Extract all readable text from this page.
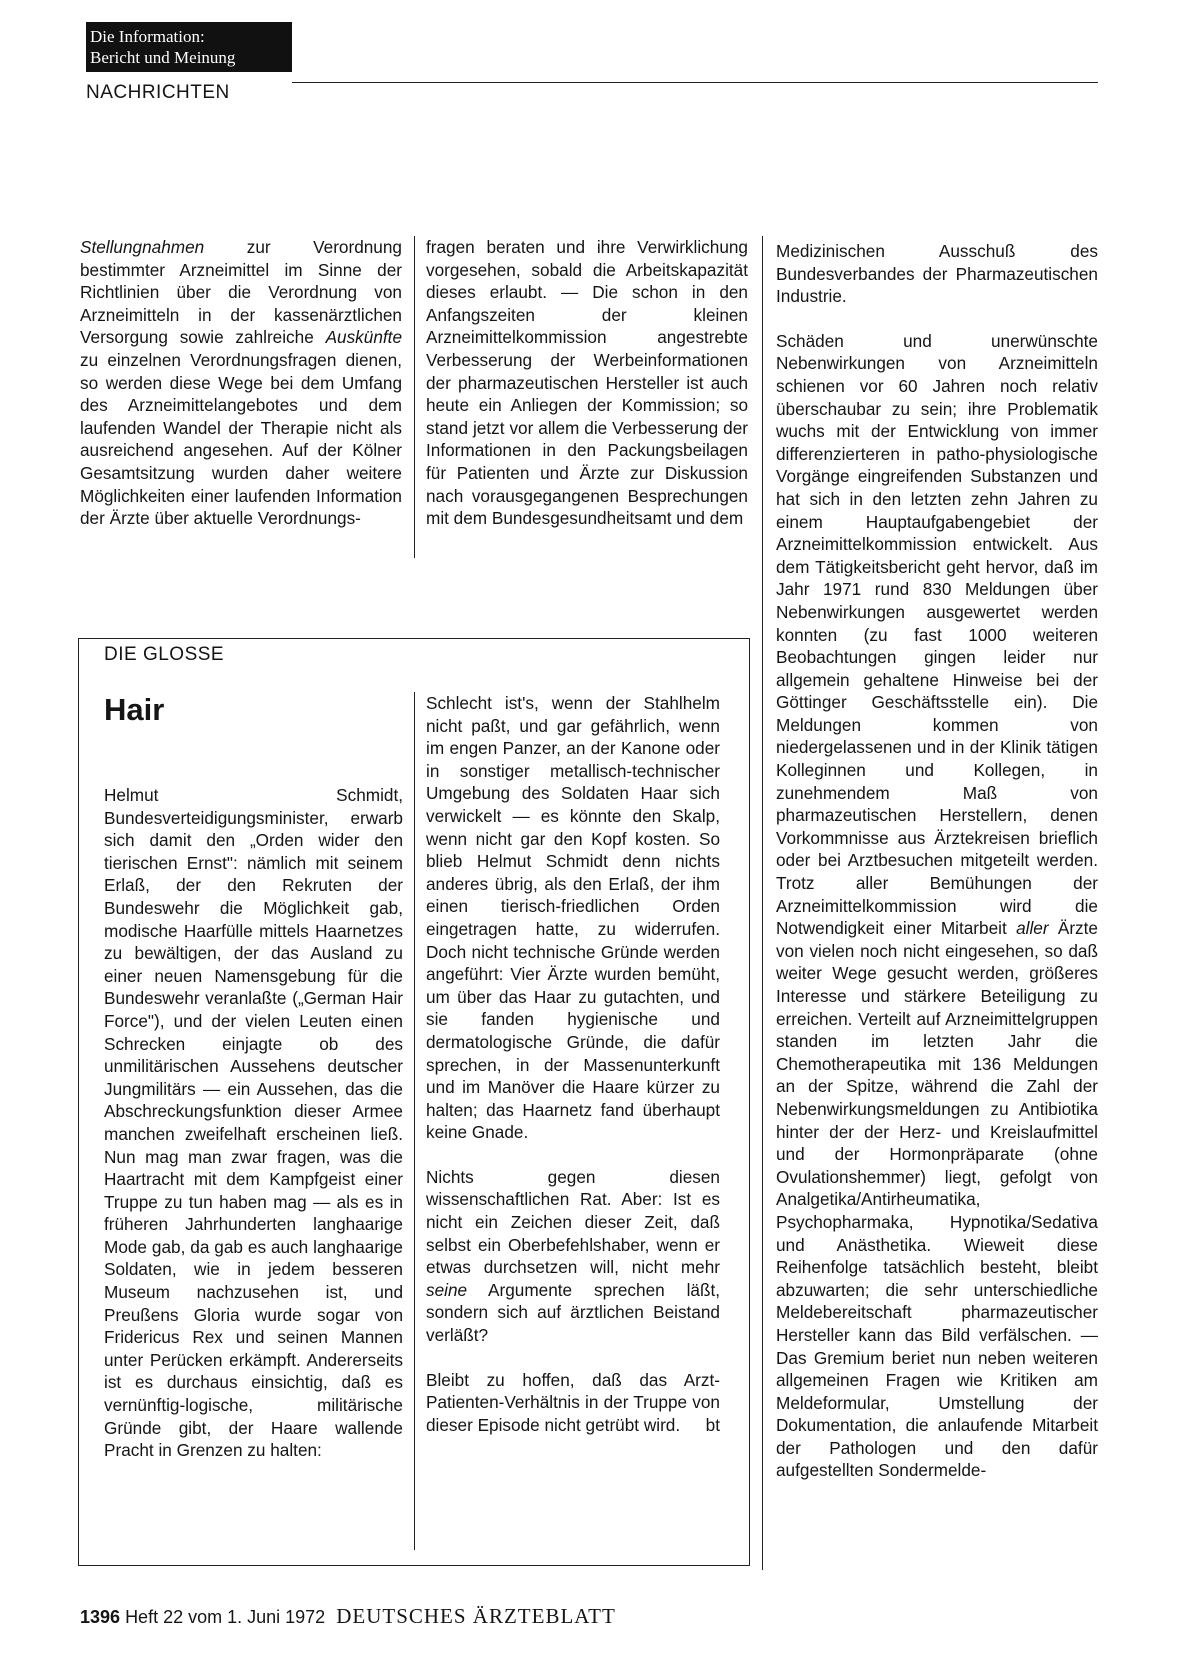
Die Information:
Bericht und Meinung
NACHRICHTEN

Stellungnahmen zur Verordnung bestimmter Arzneimittel im Sinne der Richtlinien über die Verordnung von Arzneimitteln in der kassenärztlichen Versorgung sowie zahlreiche Auskünfte zu einzelnen Verordnungsfragen dienen, so werden diese Wege bei dem Umfang des Arzneimittelangebotes und dem laufenden Wandel der Therapie nicht als ausreichend angesehen. Auf der Kölner Gesamtsitzung wurden daher weitere Möglichkeiten einer laufenden Information der Ärzte über aktuelle Verordnungs-

fragen beraten und ihre Verwirklichung vorgesehen, sobald die Arbeitskapazität dieses erlaubt. — Die schon in den Anfangszeiten der kleinen Arzneimittelkommission angestrebte Verbesserung der Werbeinformationen der pharmazeutischen Hersteller ist auch heute ein Anliegen der Kommission; so stand jetzt vor allem die Verbesserung der Informationen in den Packungsbeilagen für Patienten und Ärzte zur Diskussion nach vorausgegangenen Besprechungen mit dem Bundesgesundheitsamt und dem

Medizinischen Ausschuß des Bundesverbandes der Pharmazeutischen Industrie.

Schäden und unerwünschte Nebenwirkungen von Arzneimitteln schienen vor 60 Jahren noch relativ überschaubar zu sein; ihre Problematik wuchs mit der Entwicklung von immer differenzierteren in patho-physiologische Vorgänge eingreifenden Substanzen und hat sich in den letzten zehn Jahren zu einem Hauptaufgabengebiet der Arzneimittelkommission entwickelt. Aus dem Tätigkeitsbericht geht hervor, daß im Jahr 1971 rund 830 Meldungen über Nebenwirkungen ausgewertet werden konnten (zu fast 1000 weiteren Beobachtungen gingen leider nur allgemein gehaltene Hinweise bei der Göttinger Geschäftsstelle ein). Die Meldungen kommen von niedergelassenen und in der Klinik tätigen Kolleginnen und Kollegen, in zunehmendem Maß von pharmazeutischen Herstellern, denen Vorkommnisse aus Ärztekreisen brieflich oder bei Arztbesuchen mitgeteilt werden. Trotz aller Bemühungen der Arzneimittelkommission wird die Notwendigkeit einer Mitarbeit aller Ärzte von vielen noch nicht eingesehen, so daß weiter Wege gesucht werden, größeres Interesse und stärkere Beteiligung zu erreichen. Verteilt auf Arzneimittelgruppen standen im letzten Jahr die Chemotherapeutika mit 136 Meldungen an der Spitze, während die Zahl der Nebenwirkungsmeldungen zu Antibiotika hinter der der Herz- und Kreislaufmittel und der Hormonpräparate (ohne Ovulationshemmer) liegt, gefolgt von Analgetika/Antirheumatika, Psychopharmaka, Hypnotika/Sedativa und Anästhetika. Wieweit diese Reihenfolge tatsächlich besteht, bleibt abzuwarten; die sehr unterschiedliche Meldebereitschaft pharmazeutischer Hersteller kann das Bild verfälschen. — Das Gremium beriet nun neben weiteren allgemeinen Fragen wie Kritiken am Meldeformular, Umstellung der Dokumentation, die anlaufende Mitarbeit der Pathologen und den dafür aufgestellten Sondermelde-

DIE GLOSSE
Hair

Helmut Schmidt, Bundesverteidigungsminister, erwarb sich damit den „Orden wider den tierischen Ernst": nämlich mit seinem Erlaß, der den Rekruten der Bundeswehr die Möglichkeit gab, modische Haarfülle mittels Haarnetzes zu bewältigen, der das Ausland zu einer neuen Namensgebung für die Bundeswehr veranlaßte („German Hair Force"), und der vielen Leuten einen Schrecken einjagte ob des unmilitärischen Aussehens deutscher Jungmilitärs — ein Aussehen, das die Abschreckungsfunktion dieser Armee manchen zweifelhaft erscheinen ließ. Nun mag man zwar fragen, was die Haartracht mit dem Kampfgeist einer Truppe zu tun haben mag — als es in früheren Jahrhunderten langhaarige Mode gab, da gab es auch langhaarige Soldaten, wie in jedem besseren Museum nachzusehen ist, und Preußens Gloria wurde sogar von Fridericus Rex und seinen Mannen unter Perücken erkämpft. Andererseits ist es durchaus einsichtig, daß es vernünftig-logische, militärische Gründe gibt, der Haare wallende Pracht in Grenzen zu halten:

Schlecht ist's, wenn der Stahlhelm nicht paßt, und gar gefährlich, wenn im engen Panzer, an der Kanone oder in sonstiger metallisch-technischer Umgebung des Soldaten Haar sich verwickelt — es könnte den Skalp, wenn nicht gar den Kopf kosten. So blieb Helmut Schmidt denn nichts anderes übrig, als den Erlaß, der ihm einen tierisch-friedlichen Orden eingetragen hatte, zu widerrufen. Doch nicht technische Gründe werden angeführt: Vier Ärzte wurden bemüht, um über das Haar zu gutachten, und sie fanden hygienische und dermatologische Gründe, die dafür sprechen, in der Massenunterkunft und im Manöver die Haare kürzer zu halten; das Haarnetz fand überhaupt keine Gnade.

Nichts gegen diesen wissenschaftlichen Rat. Aber: Ist es nicht ein Zeichen dieser Zeit, daß selbst ein Oberbefehlshaber, wenn er etwas durchsetzen will, nicht mehr seine Argumente sprechen läßt, sondern sich auf ärztlichen Beistand verläßt?

Bleibt zu hoffen, daß das Arzt-Patienten-Verhältnis in der Truppe von dieser Episode nicht getrübt wird. bt

1396 Heft 22 vom 1. Juni 1972 DEUTSCHES ÄRZTEBLATT
